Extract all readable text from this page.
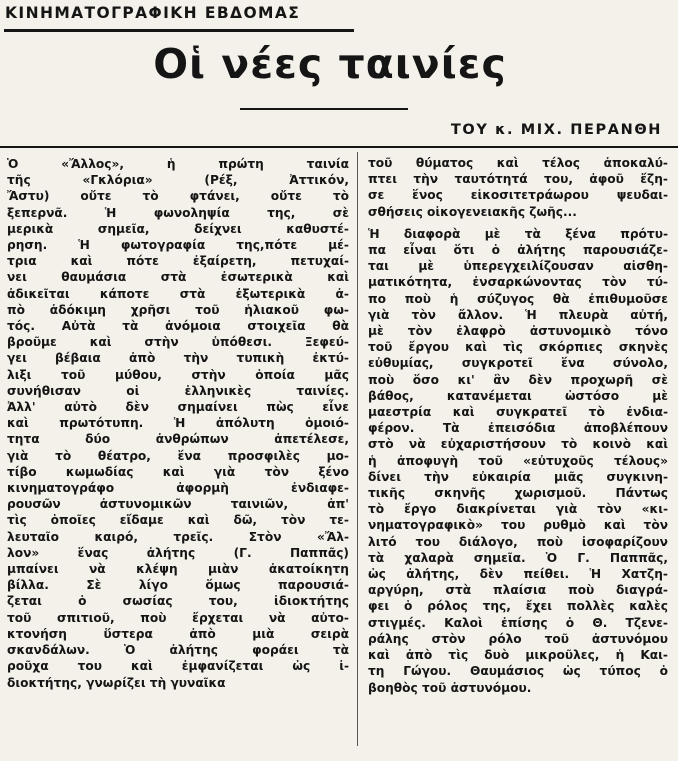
ΚΙΝΗΜΑΤΟΓΡΑΦΙΚΗ ΕΒΔΟΜΑΣ
Οἱ νέες ταινίες
ΤΟΥ κ. ΜΙΧ. ΠΕΡΑΝΘΗ

Ὁ «Ἄλλος», ἡ πρώτη ταινία
τῆς «Γκλόρια» (Ρέξ, Ἀττικόν,
Ἄστυ) οὔτε τὸ φτάνει, οὔτε τὸ
ξεπερνᾶ. Ἡ φωνοληψία της, σὲ
μερικὰ σημεῖα, δείχνει καθυστέ-
ρηση. Ἡ φωτογραφία της,πότε μέ-
τρια καὶ πότε ἐξαίρετη, πετυχαί-
νει θαυμάσια στὰ ἐσωτερικὰ καὶ
ἀδικεῖται κάποτε στὰ ἐξωτερικὰ ἀ-
πὸ ἀδόκιμη χρῆσι τοῦ ἡλιακοῦ φω-
τός. Αὐτὰ τὰ ἀνόμοια στοιχεῖα θὰ
βροῦμε καὶ στὴν ὑπόθεσι. Ξεφεύ-
γει βέβαια ἀπὸ τὴν τυπικὴ ἐκτύ-
λιξι τοῦ μύθου, στὴν ὁποία μᾶς
συνήθισαν οἱ ἑλληνικὲς ταινίες.
Ἀλλ' αὐτὸ δὲν σημαίνει πὼς εἶνε
καὶ πρωτότυπη. Ἡ ἀπόλυτη ὁμοιό-
τητα δύο ἀνθρώπων ἀπετέλεσε,
γιὰ τὸ θέατρο, ἕνα προσφιλὲς μο-
τίβο κωμωδίας καὶ γιὰ τὸν ξένο
κινηματογράφο ἀφορμὴ ἐνδιαφε-
ρουσῶν ἀστυνομικῶν ταινιῶν, ἀπ'
τὶς ὁποῖες εἴδαμε καὶ δῶ, τὸν τε-
λευταῖο καιρό, τρεῖς. Στὸν «Ἄλ-
λον» ἕνας ἀλήτης (Γ. Παππᾶς)
μπαίνει νὰ κλέψη μιὰν ἀκατοίκητη
βίλλα. Σὲ λίγο ὅμως παρουσιά-
ζεται ὁ σωσίας του, ἰδιοκτήτης
τοῦ σπιτιοῦ, ποὺ ἔρχεται νὰ αὐτο-
κτονήση ὕστερα ἀπὸ μιὰ σειρὰ
σκανδάλων. Ὁ ἀλήτης φοράει τὰ
ροῦχα του καὶ ἐμφανίζεται ὡς ἰ-
διοκτήτης, γνωρίζει τὴ γυναῖκα

τοῦ θύματος καὶ τέλος ἀποκαλύ-
πτει τὴν ταυτότητά του, ἀφοῦ ἔζη-
σε ἕνος εἰκοσιτετράωρου ψευδαι-
σθήσεις οἰκογενειακῆς ζωῆς...

Ἡ διαφορὰ μὲ τὰ ξένα πρότυ-
πα εἶναι ὅτι ὁ ἀλήτης παρουσιάζε-
ται μὲ ὑπερεγχειλίζουσαν αἰσθη-
ματικότητα, ἐνσαρκώνοντας τὸν τύ-
πο ποὺ ἡ σύζυγος θὰ ἐπιθυμοῦσε
γιὰ τὸν ἄλλον. Ἡ πλευρὰ αὐτή,
μὲ τὸν ἐλαφρὸ ἀστυνομικὸ τόνο
τοῦ ἔργου καὶ τὶς σκόρπιες σκηνὲς
εὐθυμίας, συγκροτεῖ ἕνα σύνολο,
ποὺ ὅσο κι' ἂν δὲν προχωρῆ σὲ
βάθος, κατανέμεται ὡστόσο μὲ
μαεστρία καὶ συγκρατεῖ τὸ ἐνδια-
φέρον. Τὰ ἐπεισόδια ἀποβλέπουν
στὸ νὰ εὐχαριστήσουν τὸ κοινὸ καὶ
ἡ ἀποφυγὴ τοῦ «εὐτυχοῦς τέλους»
δίνει τὴν εὐκαιρία μιᾶς συγκινη-
τικῆς σκηνῆς χωρισμοῦ. Πάντως
τὸ ἔργο διακρίνεται γιὰ τὸν «κι-
νηματογραφικὸ» του ρυθμὸ καὶ τὸν
λιτό του διάλογο, ποὺ ἰσοφαρίζουν
τὰ χαλαρὰ σημεῖα. Ὁ Γ. Παππᾶς,
ὡς ἀλήτης, δὲν πείθει. Ἡ Χατζη-
αργύρη, στὰ πλαίσια ποὺ διαγρά-
φει ὁ ρόλος της, ἔχει πολλὲς καλὲς
στιγμές. Καλοὶ ἐπίσης ὁ Θ. Τζενε-
ράλης στὸν ρόλο τοῦ ἀστυνόμου
καὶ ἀπὸ τὶς δυὸ μικροῦλες, ἡ Και-
τη Γώγου. Θαυμάσιος ὡς τύπος ὁ
βοηθὸς τοῦ ἀστυνόμου.
